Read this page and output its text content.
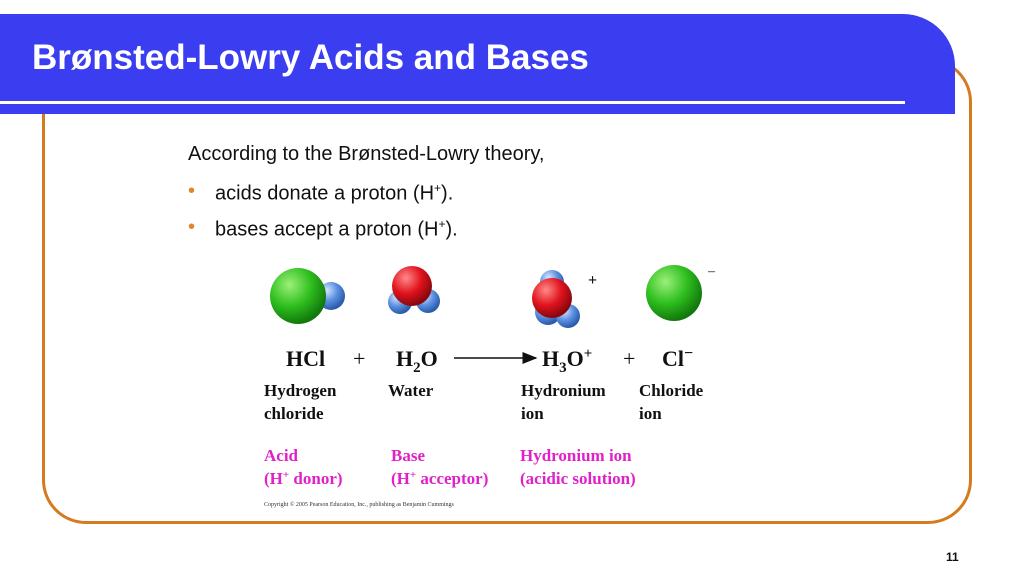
Brønsted-Lowry Acids and Bases
According to the Brønsted-Lowry theory,
• acids donate a proton (H+).
• bases accept a proton (H+).
+
–
HCl + $H_2O$	$H_3O^+ + Cl^-$
Hydrogen
chloride
Water	Hydronium
ion
Chloride
ion
Acid
(H+ donor)
Base
(H+ acceptor)
Hydronium ion
(acidic solution)
Copyright © 2005 Pearson Education, Inc., publishing as Benjamin Cummings
11
